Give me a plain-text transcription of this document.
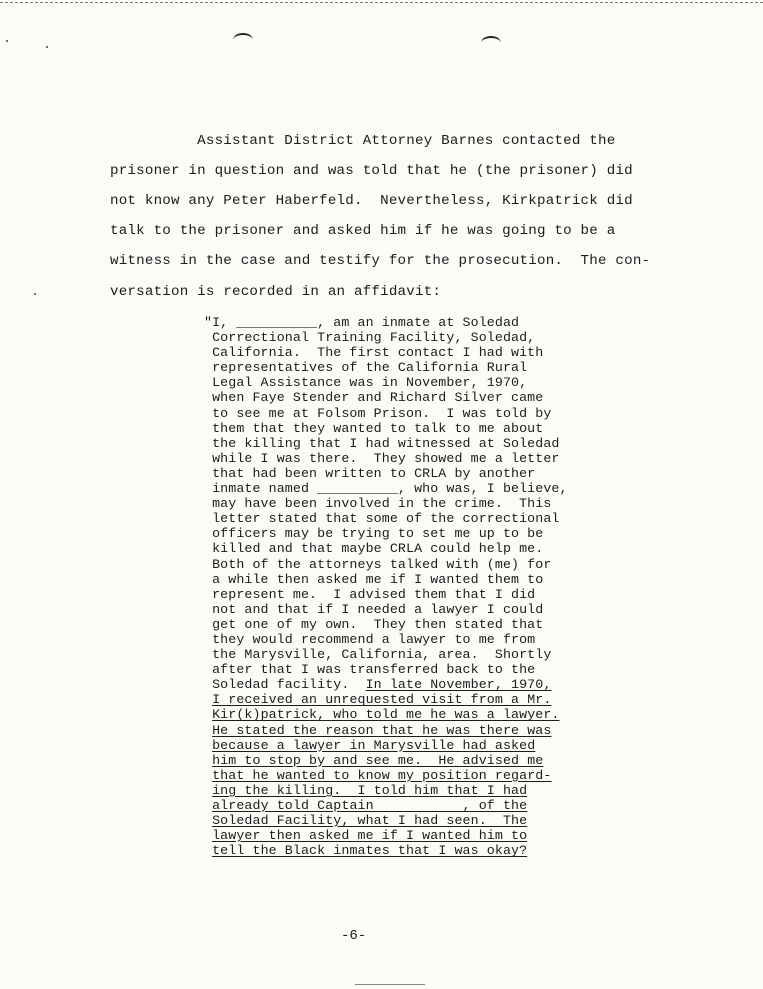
Assistant District Attorney Barnes contacted the
prisoner in question and was told that he (the prisoner) did
not know any Peter Haberfeld.  Nevertheless, Kirkpatrick did
talk to the prisoner and asked him if he was going to be a
witness in the case and testify for the prosecution.  The con-
versation is recorded in an affidavit:
"I, __________, am an inmate at Soledad
Correctional Training Facility, Soledad,
California.  The first contact I had with
representatives of the California Rural
Legal Assistance was in November, 1970,
when Faye Stender and Richard Silver came
to see me at Folsom Prison.  I was told by
them that they wanted to talk to me about
the killing that I had witnessed at Soledad
while I was there.  They showed me a letter
that had been written to CRLA by another
inmate named __________, who was, I believe,
may have been involved in the crime.  This
letter stated that some of the correctional
officers may be trying to set me up to be
killed and that maybe CRLA could help me.
Both of the attorneys talked with (me) for
a while then asked me if I wanted them to
represent me.  I advised them that I did
not and that if I needed a lawyer I could
get one of my own.  They then stated that
they would recommend a lawyer to me from
the Marysville, California, area.  Shortly
after that I was transferred back to the
Soledad facility.  In late November, 1970,
I received an unrequested visit from a Mr.
Kir(k)patrick, who told me he was a lawyer.
He stated the reason that he was there was
because a lawyer in Marysville had asked
him to stop by and see me.  He advised me
that he wanted to know my position regard-
ing the killing.  I told him that I had
already told Captain           , of the
Soledad Facility, what I had seen.  The
lawyer then asked me if I wanted him to
tell the Black inmates that I was okay?
-6-
